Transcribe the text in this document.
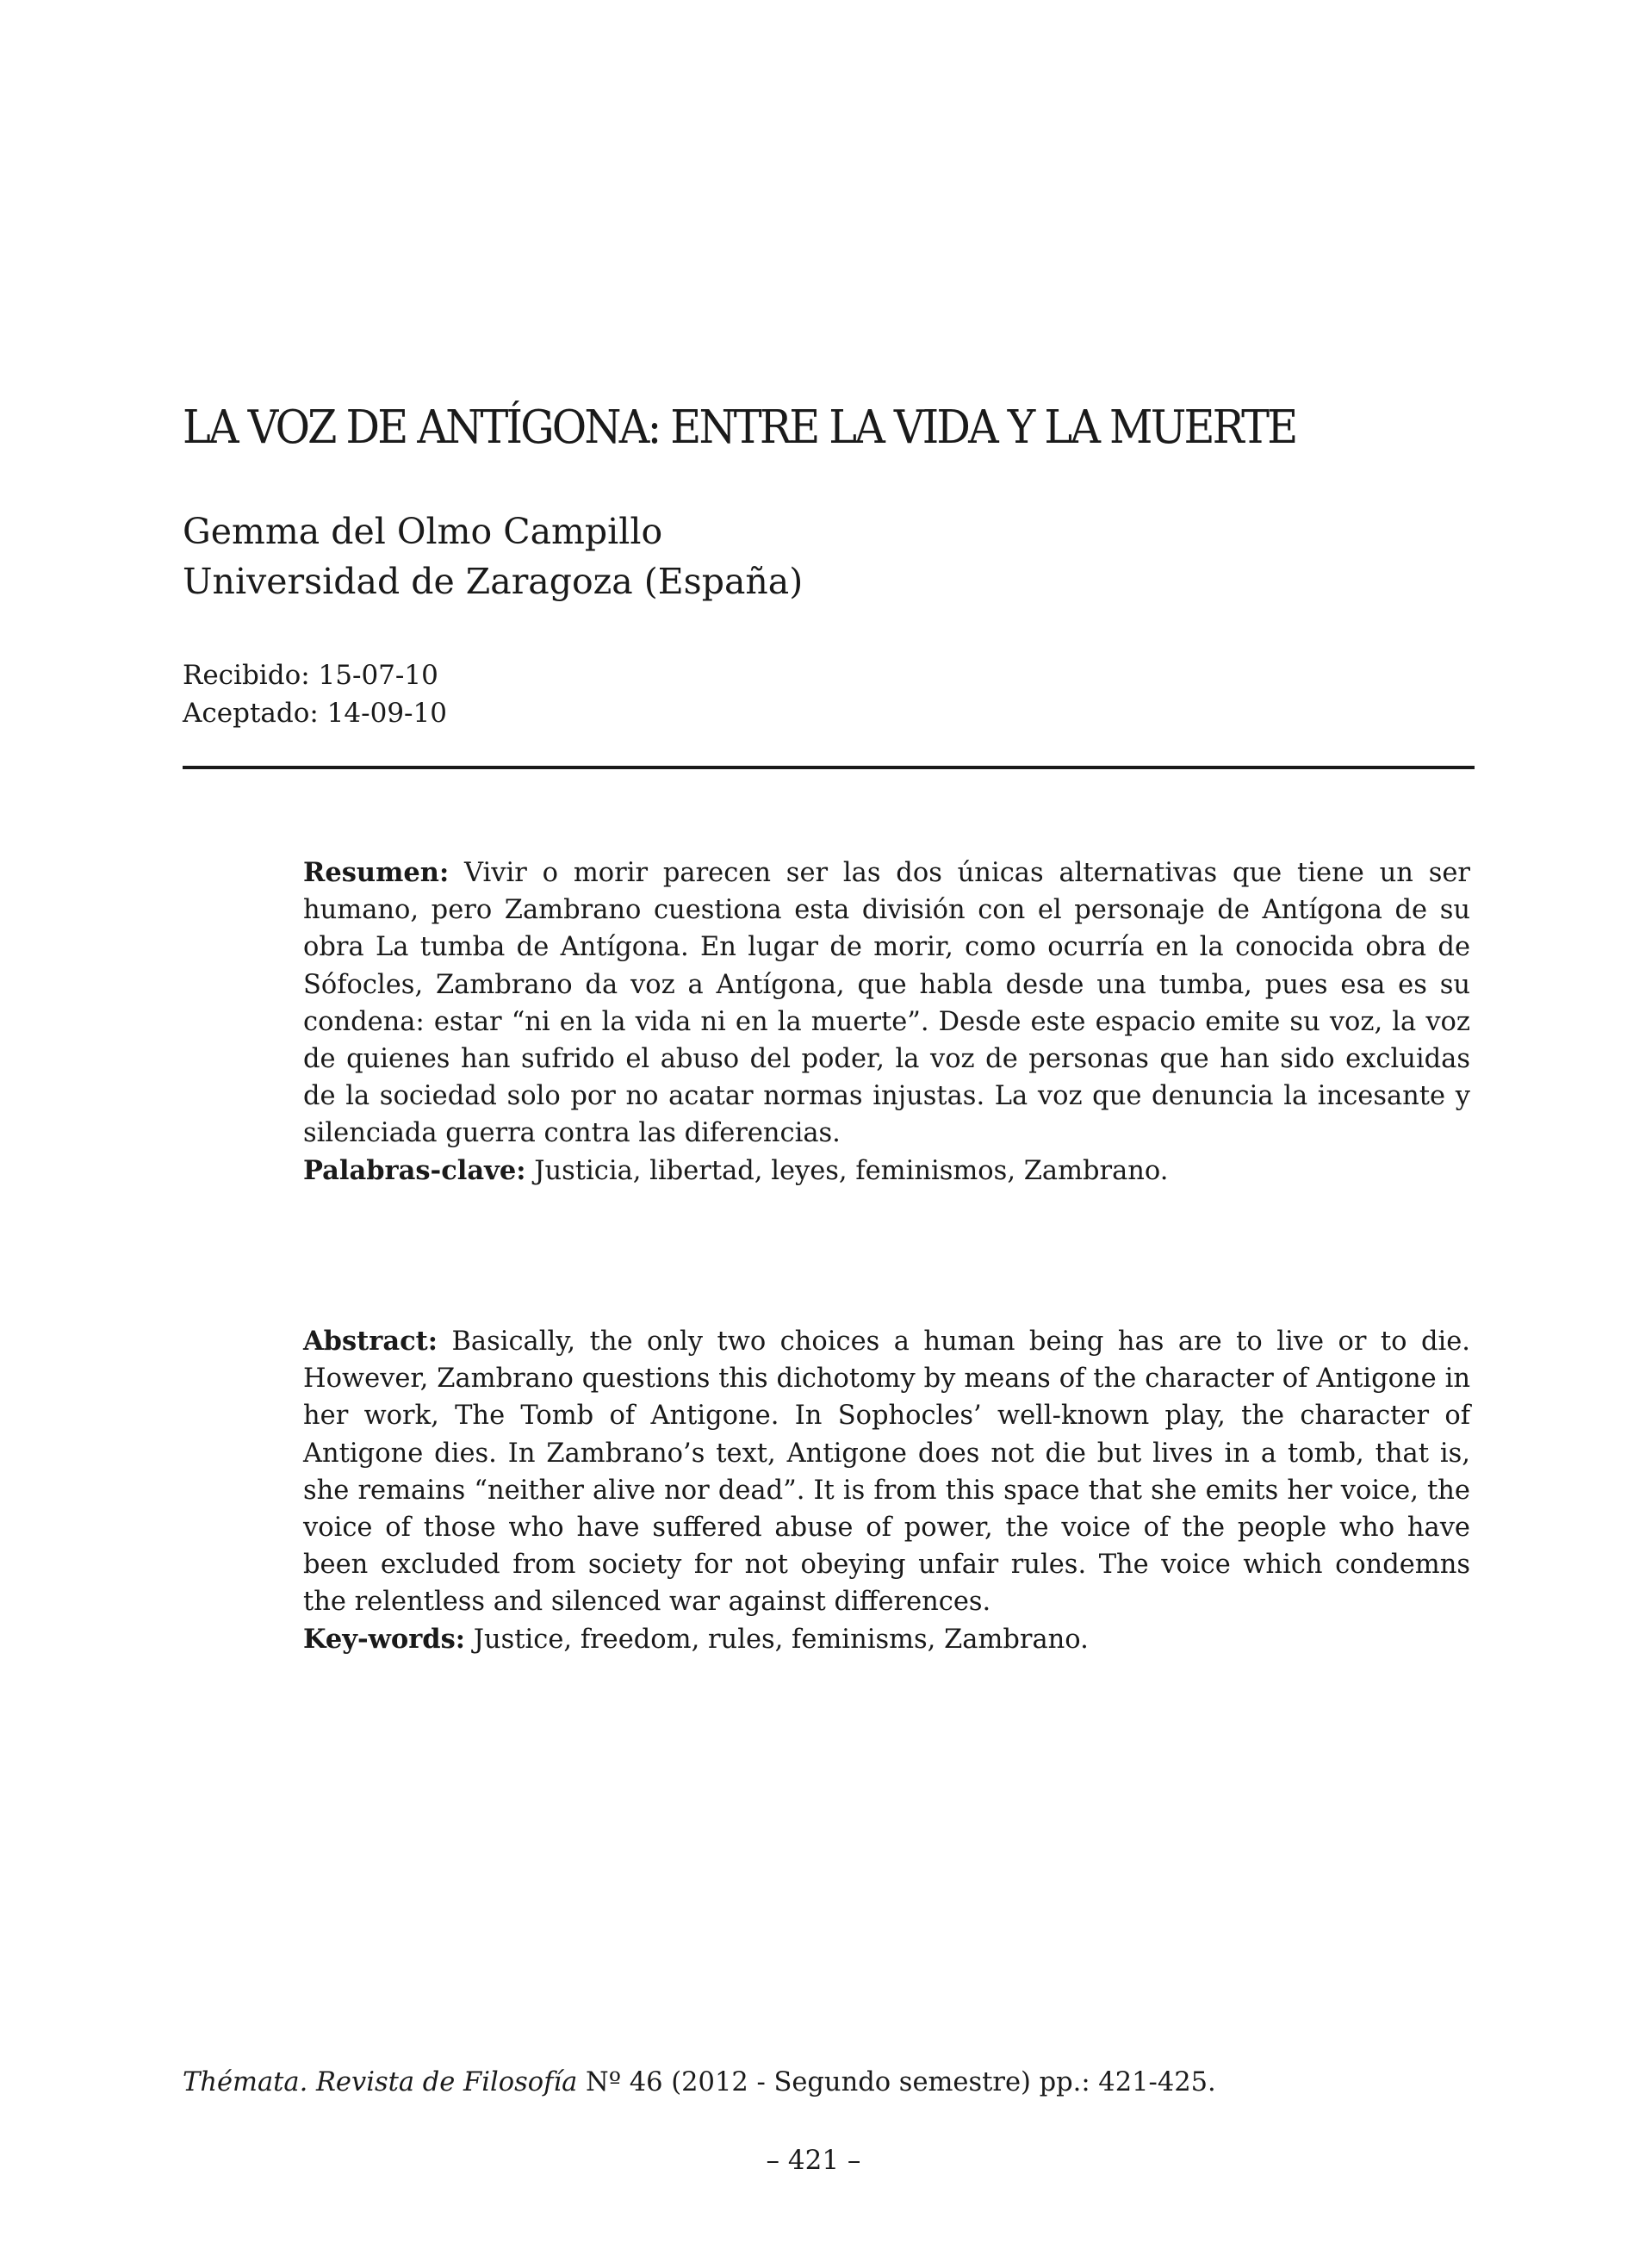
LA VOZ DE ANTÍGONA: ENTRE LA VIDA Y LA MUERTE
Gemma del Olmo Campillo
Universidad de Zaragoza (España)
Recibido: 15-07-10
Aceptado: 14-09-10

Resumen: Vivir o morir parecen ser las dos únicas alternativas que tiene un ser humano, pero Zambrano cuestiona esta división con el personaje de Antígona de su obra La tumba de Antígona. En lugar de morir, como ocurría en la conocida obra de Sófocles, Zambrano da voz a Antígona, que habla desde una tumba, pues esa es su condena: estar “ni en la vida ni en la muerte”. Desde este espacio emite su voz, la voz de quienes han sufrido el abuso del poder, la voz de personas que han sido excluidas de la sociedad solo por no acatar normas injustas. La voz que denuncia la incesante y silenciada guerra contra las diferencias.

Palabras-clave: Justicia, libertad, leyes, feminismos, Zambrano.

Abstract: Basically, the only two choices a human being has are to live or to die. However, Zambrano questions this dichotomy by means of the character of Antigone in her work, The Tomb of Antigone. In Sophocles’ well-known play, the character of Antigone dies. In Zambrano’s text, Antigone does not die but lives in a tomb, that is, she remains “neither alive nor dead”. It is from this space that she emits her voice, the voice of those who have suffered abuse of power, the voice of the people who have been excluded from society for not obeying unfair rules. The voice which condemns the relentless and silenced war against differences.

Key-words: Justice, freedom, rules, feminisms, Zambrano.

Thémata. Revista de Filosofía Nº 46 (2012 - Segundo semestre) pp.: 421-425.
– 421 –
